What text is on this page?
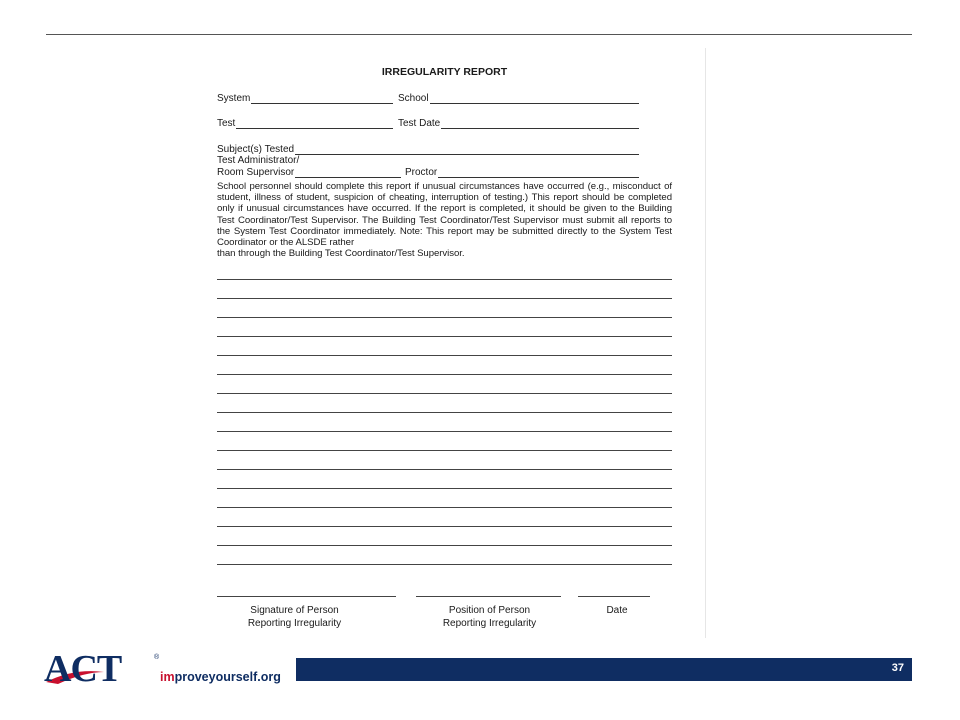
IRREGULARITY REPORT
System	School
Test	Test Date
Subject(s) Tested
Test Administrator/
Room Supervisor	Proctor
School personnel should complete this report if unusual circumstances have occurred (e.g., misconduct of student, illness of student, suspicion of cheating, interruption of testing.) This report should be completed only if unusual circumstances have occurred. If the report is completed, it should be given to the Building Test Coordinator/Test Supervisor. The Building Test Coordinator/Test Supervisor must submit all reports to the System Test Coordinator immediately. Note: This report may be submitted directly to the System Test Coordinator or the ALSDE rather
than through the Building Test Coordinator/Test Supervisor.
Signature of Person
Reporting Irregularity
Position of Person
Reporting Irregularity
Date
ACT	®
improveyourself.org
37
